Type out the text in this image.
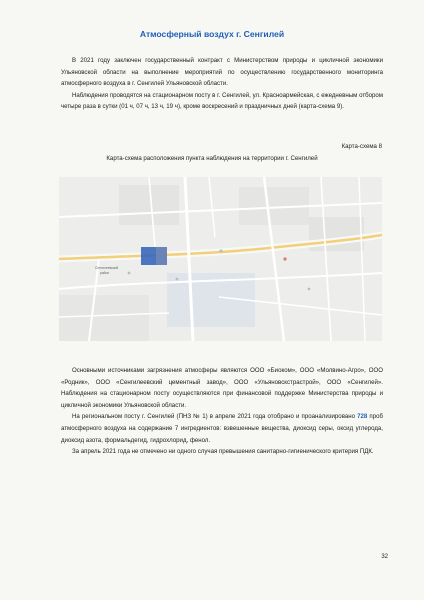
Атмосферный воздух г. Сенгилей

В 2021 году заключен государственный контракт с Министерством природы и цикличной экономики Ульяновской области на выполнение мероприятий по осуществлению государственного мониторинга атмосферного воздуха в г. Сенгилей Ульяновской области.

Наблюдения проводятся на стационарном посту в г. Сенгилей, ул. Красноармейская, с ежедневным отбором четыре раза в сутки (01 ч, 07 ч, 13 ч, 19 ч), кроме воскресений и праздничных дней (карта-схема 9).

Карта-схема 8
Карта-схема расположения пункта наблюдения на территории г. Сенгилей
Сенгилеевский
район

Основными источниками загрязнения атмосферы являются ООО «Биоком», ООО «Молвино-Агро», ООО «Родник», ООО «Сенгилеевский цементный завод», ООО «Ульяновскстрастрой», ООО «Сенгилей». Наблюдения на стационарном посту осуществляются при финансовой поддержке Министерства природы и цикличной экономики Ульяновской области.

На региональном посту г. Сенгилей (ПНЗ № 1) в апреле 2021 года отобрано и проанализировано 728 проб атмосферного воздуха на содержание 7 ингредиентов: взвешенные вещества, диоксид серы, оксид углерода, диоксид азота, формальдегид, гидрохлорид, фенол.

За апрель 2021 года не отмечено ни одного случая превышения санитарно-гигиенического критерия ПДК.

32
